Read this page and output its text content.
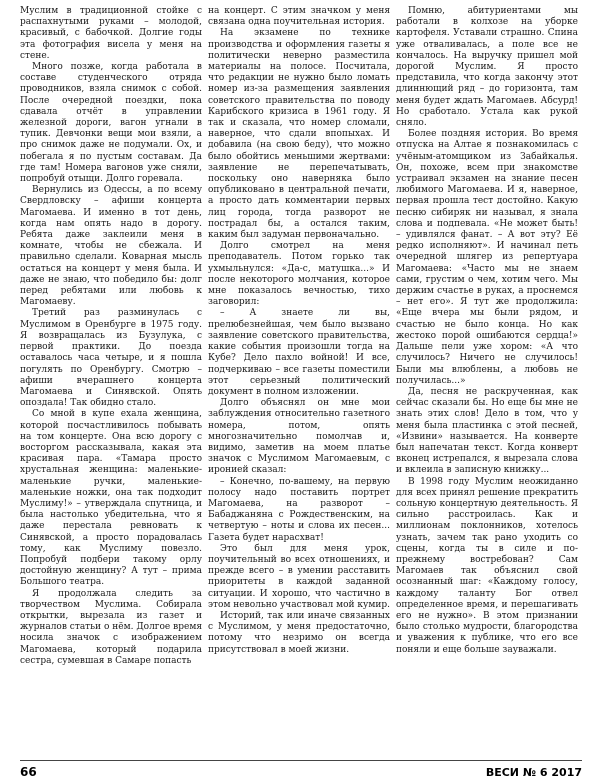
Муслим в традиционной стойке с распахнутыми руками – молодой, красивый, с бабочкой. Долгие годы эта фотография висела у меня на стене.

Много позже, когда работала в составе студенческого отряда проводников, взяла снимок с собой. После очередной поездки, пока сдавала отчёт в управлении железной дороги, вагон угнали в тупик. Девчонки вещи мои взяли, а про снимок даже не подумали. Ох, и побегала я по пустым составам. Да где там! Номера вагонов уже сняли, попробуй отыщи. Долго горевала.

Вернулись из Одессы, а по всему Свердловску – афиши концерта Магомаева. И именно в тот день, когда нам опять надо в дорогу. Ребята даже заклеили меня в комнате, чтобы не сбежала. И правильно сделали. Коварная мысль остаться на концерт у меня была. И даже не знаю, что победило бы: долг перед ребятами или любовь к Магомаеву.

Третий раз разминулась с Муслимом в Оренбурге в 1975 году. Я возвращалась из Бузулука, с первой практики. До поезда оставалось часа четыре, и я пошла погулять по Оренбургу. Смотрю – афиши вчерашнего концерта Магомаева и Синявской. Опять опоздала! Так обидно стало.

Со мной в купе ехала женщина, которой посчастливилось побывать на том концерте. Она всю дорогу с восторгом рассказывала, какая эта красивая пара. «Тамара просто хрустальная женщина: маленькие-маленькие ручки, маленькие-маленькие ножки, она так подходит Муслиму!» – утверждала спутница, и была настолько убедительна, что я даже перестала ревновать к Синявской, а просто порадовалась тому, как Муслиму повезло. Попробуй подбери такому орлу достойную женщину? А тут – прима Большого театра.

Я продолжала следить за творчеством Муслима. Собирала открытки, вырезала из газет и журналов статьи о нём. Долгое время носила значок с изображением Магомаева, который подарила сестра, сумевшая в Самаре попасть

на концерт. С этим значком у меня связана одна поучительная история.

На экзамене по технике производства и оформления газеты я политически неверно разместила материалы на полосе. Посчитала, что редакции не нужно было ломать номер из-за размещения заявления советского правительства по поводу Карибского кризиса в 1961 году. Я так и сказала, что номер сломали, наверное, что сдали впопыхах. И добавила (на свою беду), что можно было обойтись меньшими жертвами: заявление не перепечатывать, поскольку оно наверняка было опубликовано в центральной печати, а просто дать комментарии первых лиц города, тогда разворот не пострадал бы, а остался таким, каким был задуман первоначально.

Долго смотрел на меня преподаватель. Потом горько так ухмыльнулся: «Да-с, матушка...» И после некоторого молчания, которое мне показалось вечностью, тихо заговорил:

– А знаете ли вы, прелюбезнейшая, чем было вызвано заявление советского правительства, какие события произошли тогда на Кубе? Дело пахло войной! И все, подчеркиваю – все газеты поместили этот серьезный политический документ в полном изложении.

Долго объяснял он мне мои заблуждения относительно газетного номера, потом, опять многозначительно помолчав и, видимо, заметив на моем платье значок с Муслимом Магомаевым, с иронией сказал:

– Конечно, по-вашему, на первую полосу надо поставить портрет Магомаева, на разворот – Бабаджаняна с Рождественским, на четвертую – ноты и слова их песен... Газета будет нарасхват!

Это был для меня урок, поучительный во всех отношениях, и прежде всего – в умении расставить приоритеты в каждой заданной ситуации. И хорошо, что частично в этом невольно участвовал мой кумир.

Историй, так или иначе связанных с Муслимом, у меня предостаточно, потому что незримо он всегда присутствовал в моей жизни.

Помню, абитуриентами мы работали в колхозе на уборке картофеля. Уставали страшно. Спина уже отваливалась, а поле все не кончалось. На выручку пришел мой дорогой Муслим. Я просто представила, что когда закончу этот длиннющий ряд – до горизонта, там меня будет ждать Магомаев. Абсурд! Но сработало. Устала как рукой сняло.

Более поздняя история. Во время отпуска на Алтае я познакомилась с учёным-атомщиком из Забайкалья. Он, похоже, всем при знакомстве устраивал экзамен на знание песен любимого Магомаева. И я, наверное, первая прошла тест достойно. Какую песню сибиряк ни называл, я знала слова и подпевала. «Не может быть! – удивлялся фанат. – А вот эту? Её редко исполняют». И начинал петь очередной шлягер из репертуара Магомаева: «Часто мы не знаем сами, грустим о чем, хотим чего. Мы держим счастье в руках, а проснемся – нет его». Я тут же продолжила: «Еще вчера мы были рядом, и счастью не было конца. Но как жестоко порой ошибаются сердца!» Дальше пели уже хором: «А что случилось? Ничего не случилось! Были мы влюблены, а любовь не получилась...»

Да, песня не раскрученная, как сейчас сказали бы. Но еще бы мне не знать этих слов! Дело в том, что у меня была пластинка с этой песней, «Извини» называется. На конверте был напечатан текст. Когда конверт вконец истрепался, я вырезала слова и вклеила в записную книжку...

В 1998 году Муслим неожиданно для всех принял решение прекратить сольную концертную деятельность. Я сильно расстроилась. Как и миллионам поклонников, хотелось узнать, зачем так рано уходить со сцены, когда ты в силе и по-прежнему востребован? Сам Магомаев так объяснил свой осознанный шаг: «Каждому голосу, каждому таланту Бог отвел определенное время, и перешагивать его не нужно». В этом признании было столько мудрости, благородства и уважения к публике, что его все поняли и еще больше зауважали.

66	ВЕСИ № 6 2017
